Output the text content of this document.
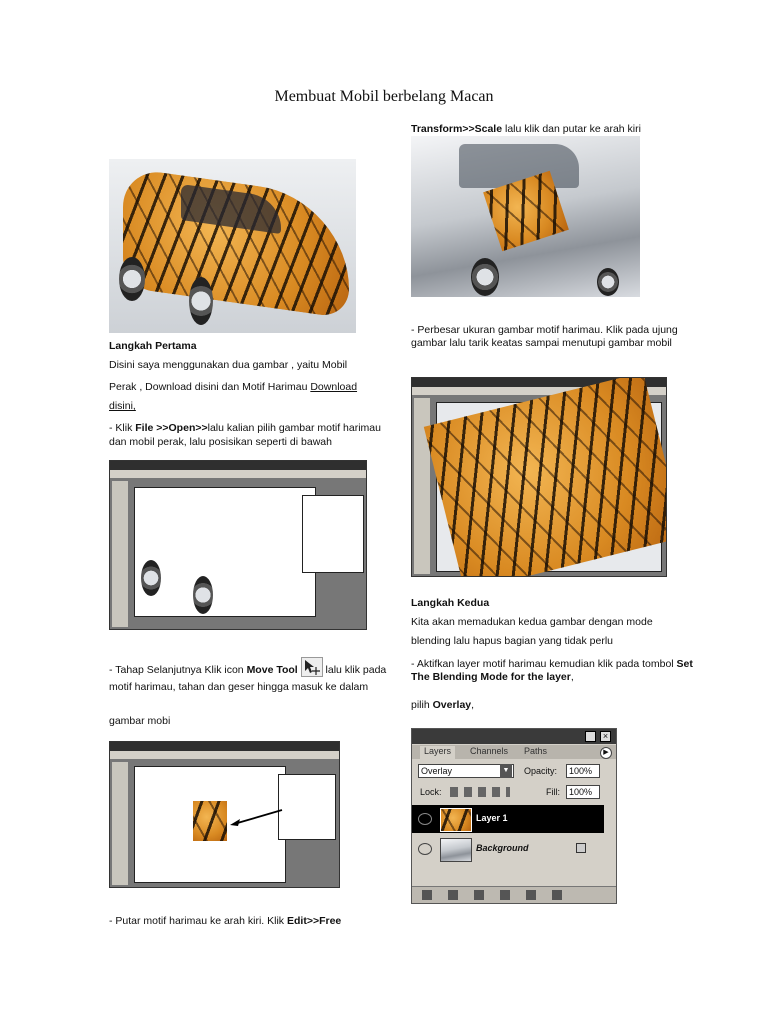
Membuat Mobil berbelang Macan
Langkah Pertama
Disini saya menggunakan dua gambar , yaitu Mobil
Perak , Download disini dan Motif Harimau Download
disini,
- Klik File >>Open>>lalu kalian pilih gambar motif harimau dan mobil perak, lalu posisikan seperti di bawah
- Tahap Selanjutnya Klik icon Move Tool  lalu klik pada motif harimau, tahan dan geser hingga masuk ke dalam
gambar mobi
- Putar motif harimau ke arah kiri. Klik Edit>>Free
Transform>>Scale lalu klik dan putar ke arah kiri
- Perbesar ukuran gambar motif harimau. Klik pada ujung gambar lalu tarik keatas sampai menutupi gambar mobil
Langkah Kedua
Kita akan memadukan kedua gambar dengan mode
blending lalu hapus bagian yang tidak perlu
- Aktifkan layer motif harimau kemudian klik pada tombol Set The Blending Mode for the layer,
pilih Overlay,
×
Layers	Channels	Paths	▶
Overlay	▼ Opacity:	100%
Lock:	Fill:	100%
Layer 1
Background
